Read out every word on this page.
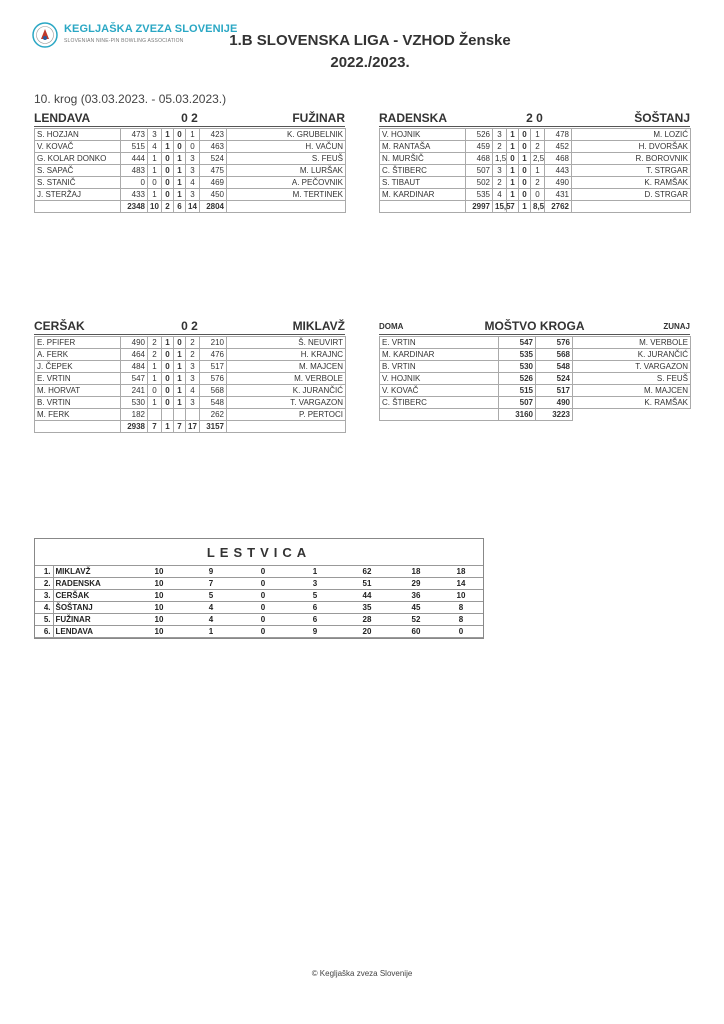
KEGLJAŠKA ZVEZA SLOVENIJE
SLOVENIAN NINE-PIN BOWLING ASSOCIATION	1.B SLOVENSKA LIGA - VZHOD Ženske
2022./2023.
10. krog (03.03.2023. - 05.03.2023.)
LENDAVA	0 2	FUŽINAR
S. HOZJAN	473	3	1	0	1	423	K. GRUBELNIK
V. KOVAČ	515	4	1	0	0	463	H. VAČUN
G. KOLAR DONKO	444	1	0	1	3	524	S. FEUŠ
S. SAPAČ	483	1	0	1	3	475	M. LURŠAK
S. STANIČ	0	0	0	1	4	469	A. PEČOVNIK
J. STERŽAJ	433	1	0	1	3	450	M. TERTINEK
	2348	10	2	6	14	2804	
RADENSKA	2 0	ŠOŠTANJ
V. HOJNIK	526	3	1	0	1	478	M. LOZIĆ
M. RANTAŠA	459	2	1	0	2	452	H. DVORŠAK
N. MURŠIČ	468	1,5	0	1	2,5	468	R. BOROVNIK
C. ŠTIBERC	507	3	1	0	1	443	T. STRGAR
S. TIBAUT	502	2	1	0	2	490	K. RAMŠAK
M. KARDINAR	535	4	1	0	0	431	D. STRGAR
	2997	15,5	7	1	8,5	2762	
CERŠAK	0 2	MIKLAVŽ
E. PFIFER	490	2	1	0	2	210	Š. NEUVIRT
A. FERK	464	2	0	1	2	476	H. KRAJNC
J. ČEPEK	484	1	0	1	3	517	M. MAJCEN
E. VRTIN	547	1	0	1	3	576	M. VERBOLE
M. HORVAT	241	0	0	1	4	568	K. JURANČIĆ
B. VRTIN	530	1	0	1	3	548	T. VARGAZON
M. FERK	182					262	P. PERTOCI
	2938	7	1	7	17	3157	
DOMA	MOŠTVO KROGA	ZUNAJ
E. VRTIN	547	576	M. VERBOLE
M. KARDINAR	535	568	K. JURANČIĆ
B. VRTIN	530	548	T. VARGAZON
V. HOJNIK	526	524	S. FEUŠ
V. KOVAČ	515	517	M. MAJCEN
C. ŠTIBERC	507	490	K. RAMŠAK
	3160	3223	
LESTVICA
1.	MIKLAVŽ	10	9	0	1	62	18	18
2.	RADENSKA	10	7	0	3	51	29	14
3.	CERŠAK	10	5	0	5	44	36	10
4.	ŠOŠTANJ	10	4	0	6	35	45	8
5.	FUŽINAR	10	4	0	6	28	52	8
6.	LENDAVA	10	1	0	9	20	60	0
© Kegljaška zveza Slovenije
